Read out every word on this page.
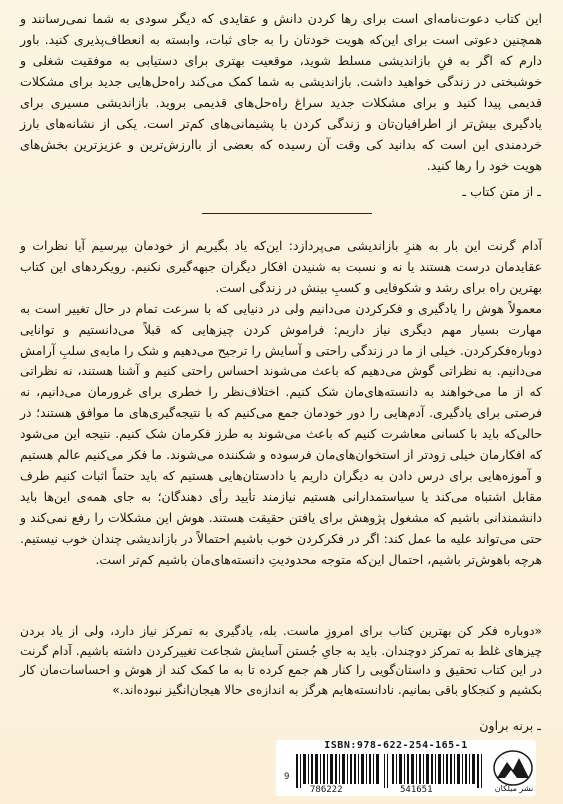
این کتاب دعوت‌نامه‌ای است برای رها کردن دانش و عقایدی که دیگر سودی به شما نمی‌رسانند و همچنین دعوتی است برای این‌که هویت خودتان را به جای ثبات، وابسته به انعطاف‌پذیری کنید. باور دارم که اگر به فنِ بازاندیشی مسلط شوید، موقعیت بهتری برای دستیابی به موفقیت شغلی و خوشبختی در زندگی خواهید داشت. بازاندیشی به شما کمک می‌کند راه‌حل‌هایی جدید برای مشکلات قدیمی پیدا کنید و برای مشکلات جدید سراغ راه‌حل‌های قدیمی بروید. بازاندیشی مسیری برای یادگیری بیش‌تر از اطرافیان‌تان و زندگی کردن با پشیمانی‌های کم‌تر است. یکی از نشانه‌های بارز خردمندی این است که بدانید کی وقت آن رسیده که بعضی از باارزش‌ترین و عزیزترین بخش‌های هویت خود را رها کنید.

ـ از متن کتاب ـ

آدام گرنت این بار به هنرِ بازاندیشی می‌پردازد: این‌که یاد بگیریم از خودمان بپرسیم آیا نظرات و عقایدمان درست هستند یا نه و نسبت به شنیدن افکار دیگران جبهه‌گیری نکنیم. رویکردهای این کتاب بهترین راه برای رشد و شکوفایی و کسبِ بینش در زندگی است.

معمولاً هوش را یادگیری و فکرکردن می‌دانیم ولی در دنیایی که با سرعت تمام در حال تغییر است به مهارت بسیار مهم دیگری نیاز داریم: فراموش کردن چیزهایی که قبلاً می‌دانستیم و توانایی دوباره‌فکرکردن. خیلی از ما در زندگی راحتی و آسایش را ترجیح می‌دهیم و شک را مایه‌ی سلبِ آرامش می‌دانیم. به نظراتی گوش می‌دهیم که باعث می‌شوند احساس راحتی کنیم و آشنا هستند، نه نظراتی که از ما می‌خواهند به دانسته‌های‌مان شک کنیم. اختلاف‌نظر را خطری برای غرورمان می‌دانیم، نه فرصتی برای یادگیری. آدم‌هایی را دور خودمان جمع می‌کنیم که با نتیجه‌گیری‌های ما موافق هستند؛ در حالی‌که باید با کسانی معاشرت کنیم که باعث می‌شوند به طرز فکرمان شک کنیم. نتیجه این می‌شود که افکارمان خیلی زودتر از استخوان‌های‌مان فرسوده و شکننده می‌شوند. ما فکر می‌کنیم عالم هستیم و آموزه‌هایی برای درس دادن به دیگران داریم یا دادستان‌هایی هستیم که باید حتماً اثبات کنیم طرف مقابل اشتباه می‌کند یا سیاستمدارانی هستیم نیازمند تأیید رأی دهندگان؛ به جای همه‌ی این‌ها باید دانشمندانی باشیم که مشغول پژوهش برای یافتن حقیقت هستند. هوش این مشکلات را رفع نمی‌کند و حتی می‌تواند علیه ما عمل کند: اگر در فکرکردن خوب باشیم احتمالاً در بازاندیشی چندان خوب نیستیم. هرچه باهوش‌تر باشیم، احتمال این‌که متوجه محدودیتِ دانسته‌های‌مان باشیم کم‌تر است.

«دوباره فکر کن بهترین کتاب برای امروزِ ماست. بله، یادگیری به تمرکز نیاز دارد، ولی از یاد بردن چیزهای غلط به تمرکز دوچندان. باید به جایِ جُستن آسایش شجاعت تغییرکردن داشته باشیم. آدام گرنت در این کتاب تحقیق و داستان‌گویی را کنار هم جمع کرده تا به ما کمک کند از هوش و احساسات‌مان کار بکشیم و کنجکاو باقی بمانیم. نادانسته‌هایم هرگز به اندازه‌ی حالا هیجان‌انگیز نبوده‌اند.»

ـ برنه براون
ISBN:978-622-254-165-1
9
786222	541651	نشر میلکان
